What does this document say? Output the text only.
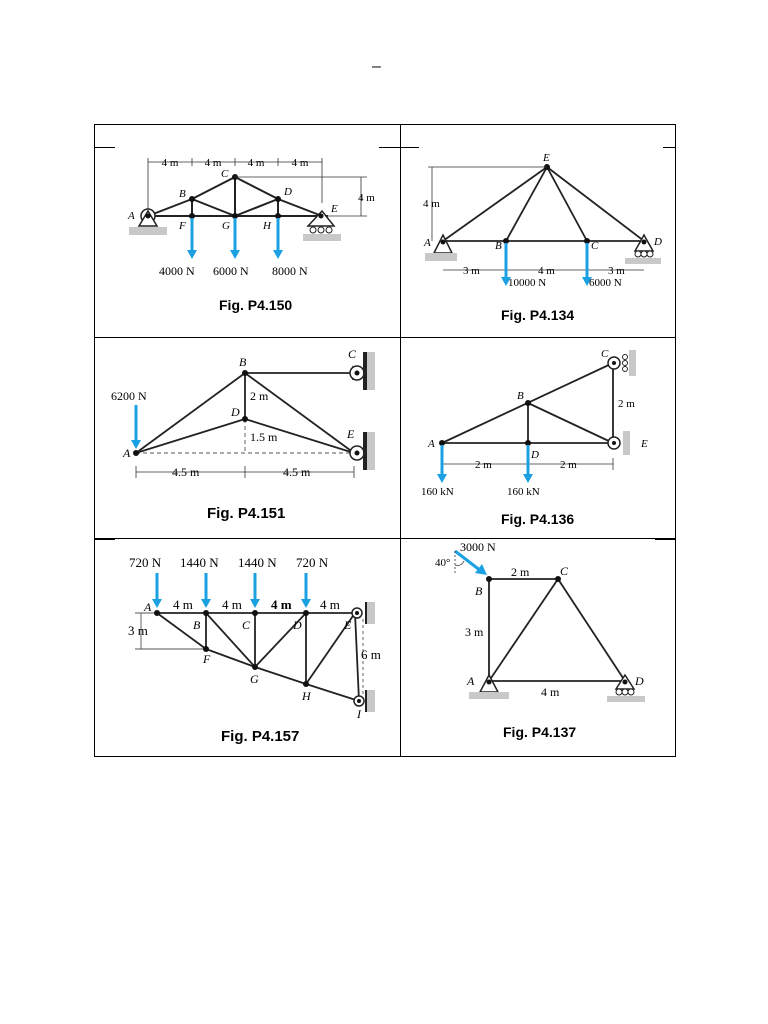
–
4 m 4 m 4 m 4 m
4 m
A
B
C
D
E
F	G	H
4000 N 6000 N 8000 N
Fig. P4.150
4 m
A	B	C	D
E
3 m	4 m	3 m
10000 N	6000 N
Fig. P4.134
A
B
C
D
E
6200 N	2 m
1.5 m
4.5 m	4.5 m
Fig. P4.151
A
B
C
D
E
2 m
2 m	2 m
160 kN	160 kN
Fig. P4.136
720 N 1440 N 1440 N 720 N
4 m 4 m 4 m 4 m
3 m
6 m
A
B	C	D	E
F
G
H
I
Fig. P4.157
3000 N
40°
2 m
3 m
4 m
A
B
C
D
Fig. P4.137
